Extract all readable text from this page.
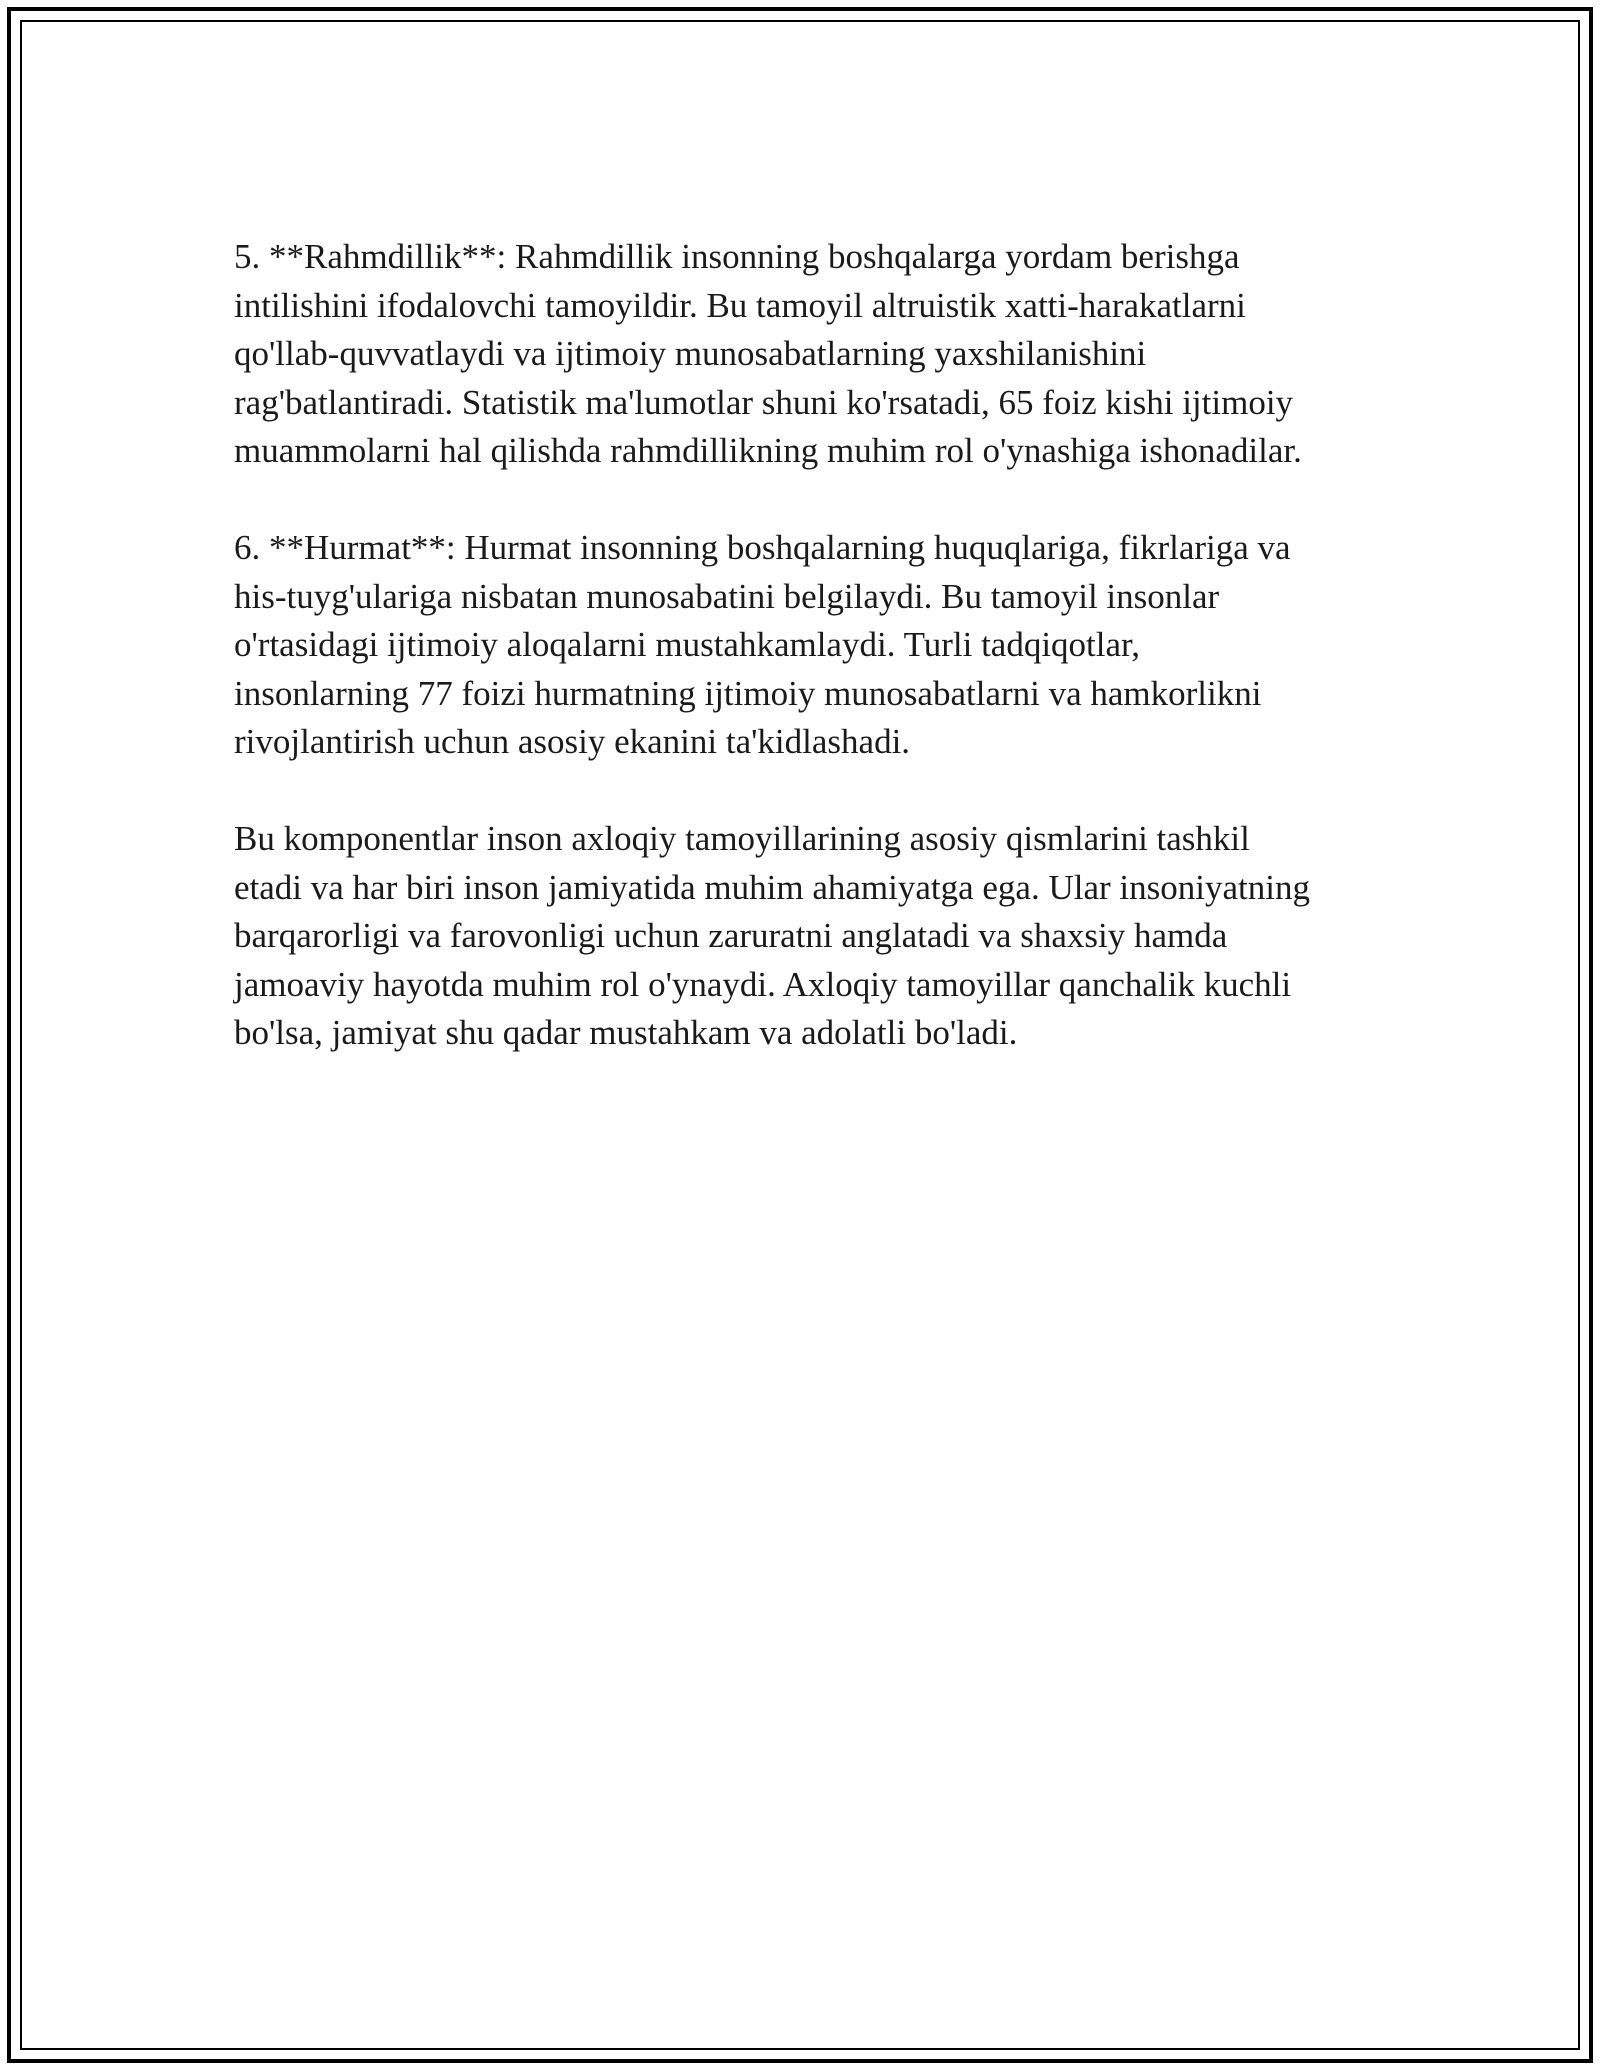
5. **Rahmdillik**: Rahmdillik insonning boshqalarga yordam berishga
intilishini ifodalovchi tamoyildir. Bu tamoyil altruistik xatti-harakatlarni
qo'llab-quvvatlaydi va ijtimoiy munosabatlarning yaxshilanishini
rag'batlantiradi. Statistik ma'lumotlar shuni ko'rsatadi, 65 foiz kishi ijtimoiy
muammolarni hal qilishda rahmdillikning muhim rol o'ynashiga ishonadilar.

6. **Hurmat**: Hurmat insonning boshqalarning huquqlariga, fikrlariga va
his-tuyg'ulariga nisbatan munosabatini belgilaydi. Bu tamoyil insonlar
o'rtasidagi ijtimoiy aloqalarni mustahkamlaydi. Turli tadqiqotlar,
insonlarning 77 foizi hurmatning ijtimoiy munosabatlarni va hamkorlikni
rivojlantirish uchun asosiy ekanini ta'kidlashadi.

Bu komponentlar inson axloqiy tamoyillarining asosiy qismlarini tashkil
etadi va har biri inson jamiyatida muhim ahamiyatga ega. Ular insoniyatning
barqarorligi va farovonligi uchun zaruratni anglatadi va shaxsiy hamda
jamoaviy hayotda muhim rol o'ynaydi. Axloqiy tamoyillar qanchalik kuchli
bo'lsa, jamiyat shu qadar mustahkam va adolatli bo'ladi.
